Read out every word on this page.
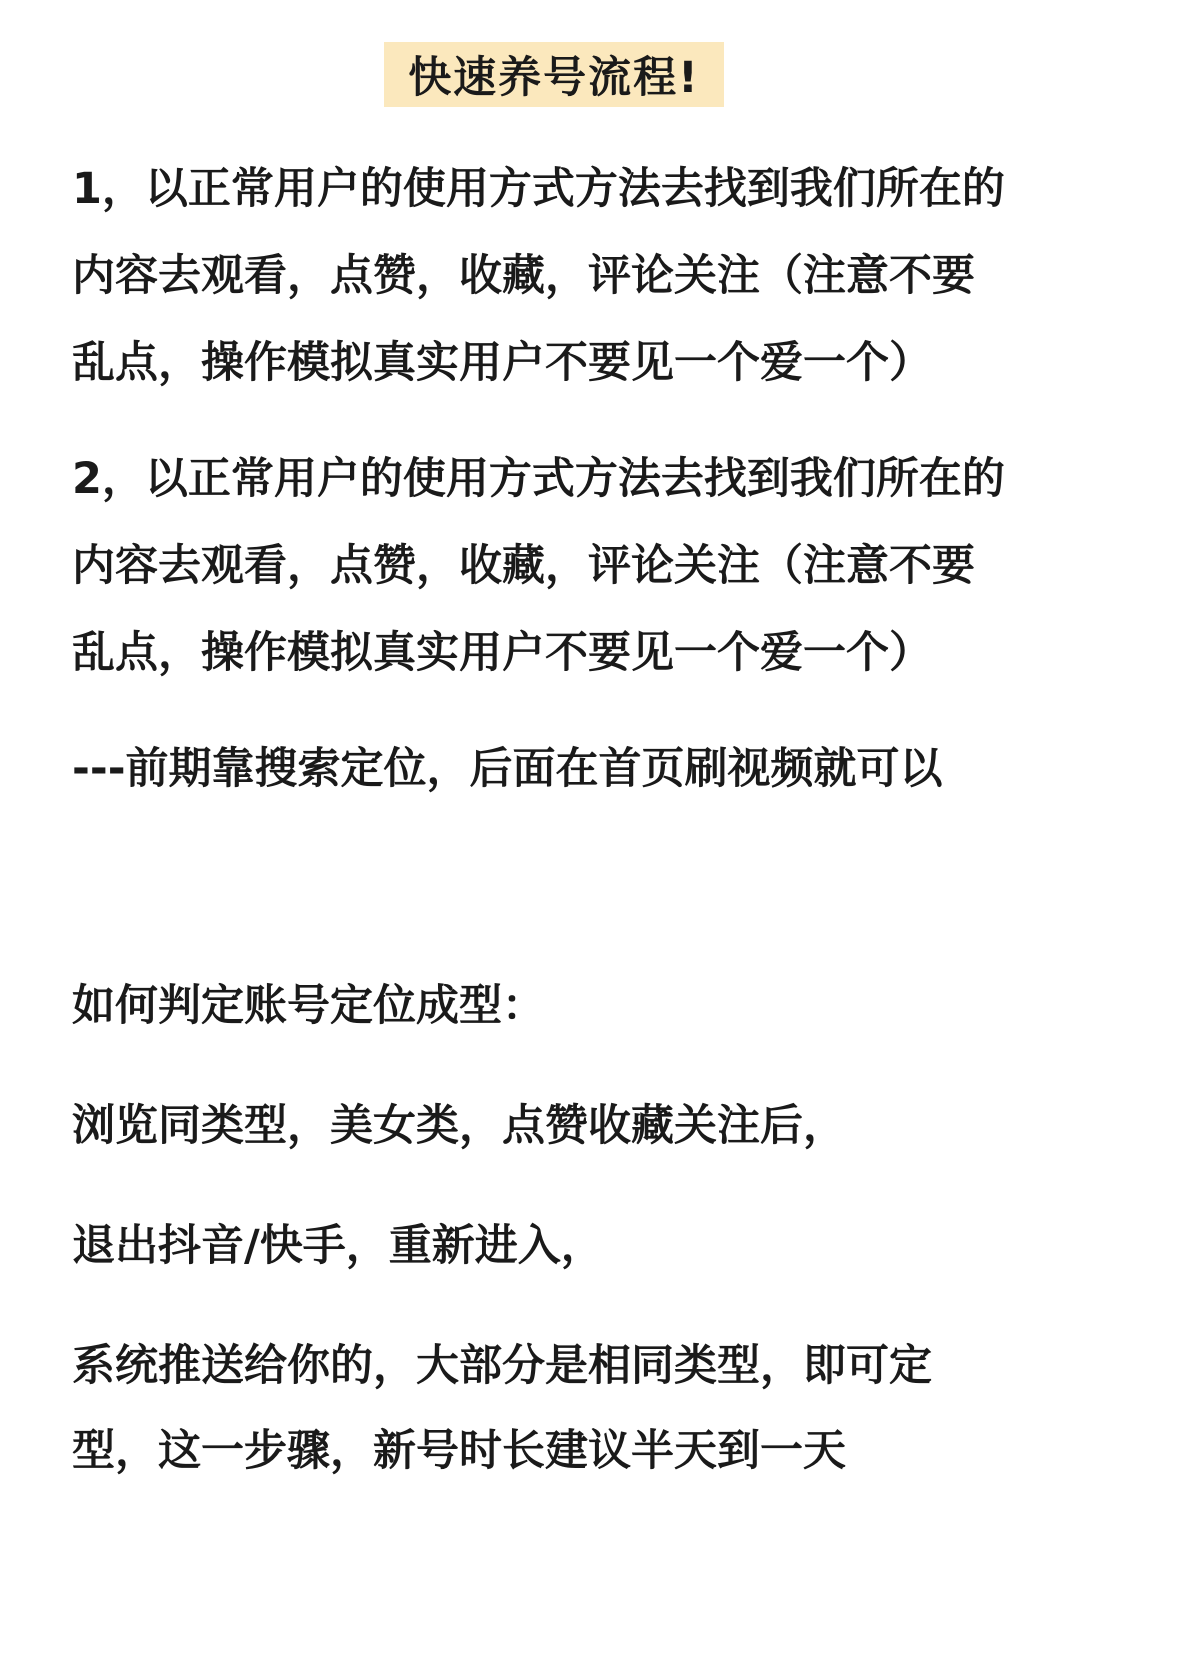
快速养号流程!
1，以正常用户的使用方式方法去找到我们所在的
内容去观看，点赞，收藏，评论关注（注意不要
乱点，操作模拟真实用户不要见一个爱一个）
2，以正常用户的使用方式方法去找到我们所在的
内容去观看，点赞，收藏，评论关注（注意不要
乱点，操作模拟真实用户不要见一个爱一个）
---前期靠搜索定位，后面在首页刷视频就可以
如何判定账号定位成型：
浏览同类型，美女类，点赞收藏关注后，
退出抖音/快手，重新进入，
系统推送给你的，大部分是相同类型，即可定
型，这一步骤，新号时长建议半天到一天
